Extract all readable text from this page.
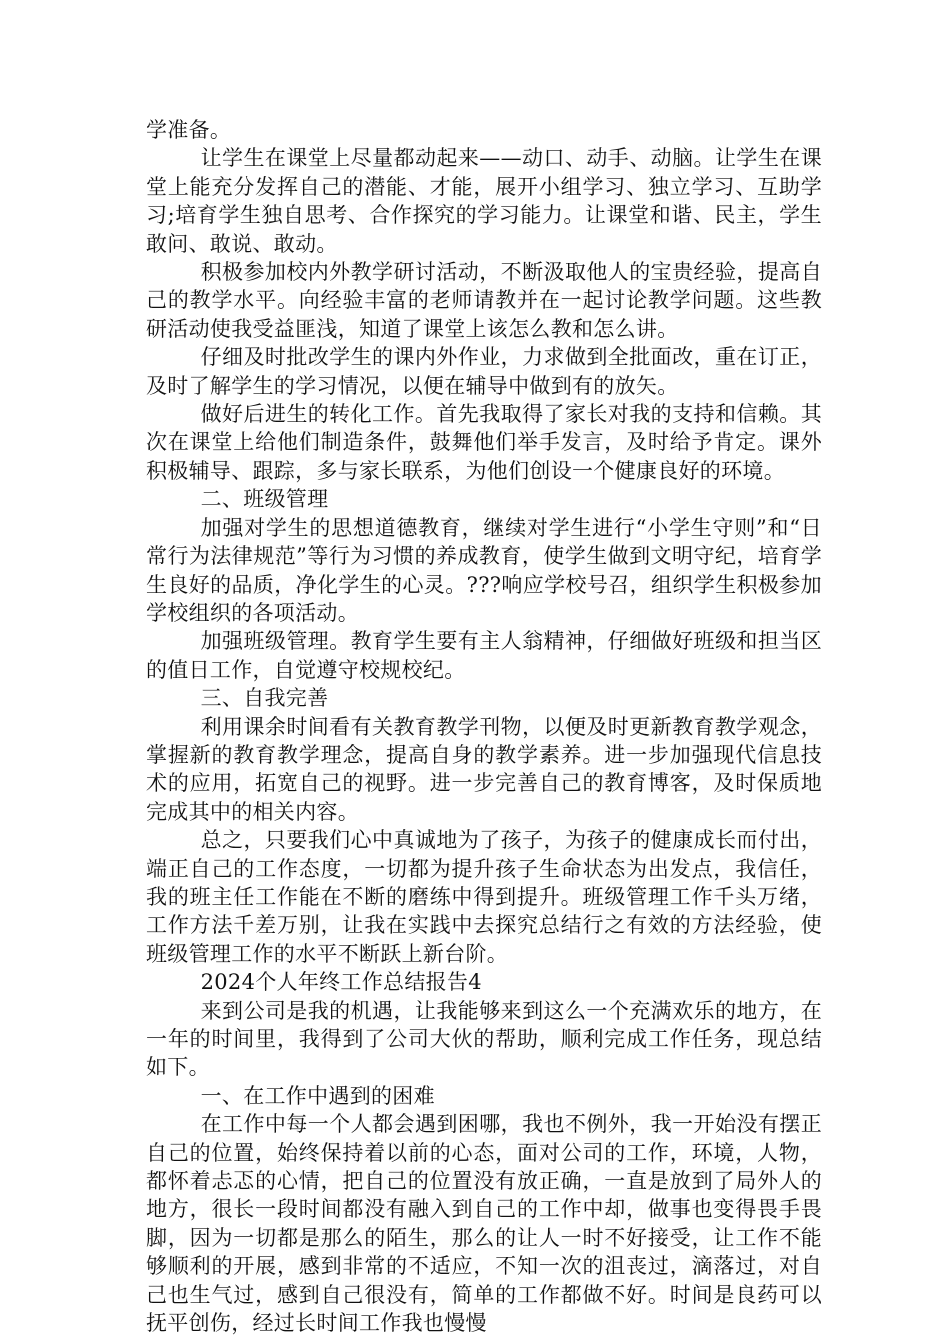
学准备。

让学生在课堂上尽量都动起来——动口、动手、动脑。让学生在课堂上能充分发挥自己的潜能、才能，展开小组学习、独立学习、互助学习;培育学生独自思考、合作探究的学习能力。让课堂和谐、民主，学生敢问、敢说、敢动。

积极参加校内外教学研讨活动，不断汲取他人的宝贵经验，提高自己的教学水平。向经验丰富的老师请教并在一起讨论教学问题。这些教研活动使我受益匪浅，知道了课堂上该怎么教和怎么讲。

仔细及时批改学生的课内外作业，力求做到全批面改，重在订正，及时了解学生的学习情况，以便在辅导中做到有的放矢。

做好后进生的转化工作。首先我取得了家长对我的支持和信赖。其次在课堂上给他们制造条件，鼓舞他们举手发言，及时给予肯定。课外积极辅导、跟踪，多与家长联系，为他们创设一个健康良好的环境。

二、班级管理

加强对学生的思想道德教育，继续对学生进行“小学生守则”和“日常行为法律规范”等行为习惯的养成教育，使学生做到文明守纪，培育学生良好的品质，净化学生的心灵。???响应学校号召，组织学生积极参加学校组织的各项活动。

加强班级管理。教育学生要有主人翁精神，仔细做好班级和担当区的值日工作，自觉遵守校规校纪。

三、自我完善

利用课余时间看有关教育教学刊物，以便及时更新教育教学观念，掌握新的教育教学理念，提高自身的教学素养。进一步加强现代信息技术的应用，拓宽自己的视野。进一步完善自己的教育博客，及时保质地完成其中的相关内容。

总之，只要我们心中真诚地为了孩子，为孩子的健康成长而付出，端正自己的工作态度，一切都为提升孩子生命状态为出发点，我信任，我的班主任工作能在不断的磨练中得到提升。班级管理工作千头万绪，工作方法千差万别，让我在实践中去探究总结行之有效的方法经验，使班级管理工作的水平不断跃上新台阶。

2024个人年终工作总结报告4

来到公司是我的机遇，让我能够来到这么一个充满欢乐的地方，在一年的时间里，我得到了公司大伙的帮助，顺利完成工作任务，现总结如下。

一、在工作中遇到的困难

在工作中每一个人都会遇到困哪，我也不例外，我一开始没有摆正自己的位置，始终保持着以前的心态，面对公司的工作，环境，人物，都怀着忐忑的心情，把自己的位置没有放正确，一直是放到了局外人的地方，很长一段时间都没有融入到自己的工作中却，做事也变得畏手畏脚，因为一切都是那么的陌生，那么的让人一时不好接受，让工作不能够顺利的开展，感到非常的不适应，不知一次的沮丧过，滴落过，对自己也生气过，感到自己很没有，简单的工作都做不好。时间是良药可以抚平创伤，经过长时间工作我也慢慢
